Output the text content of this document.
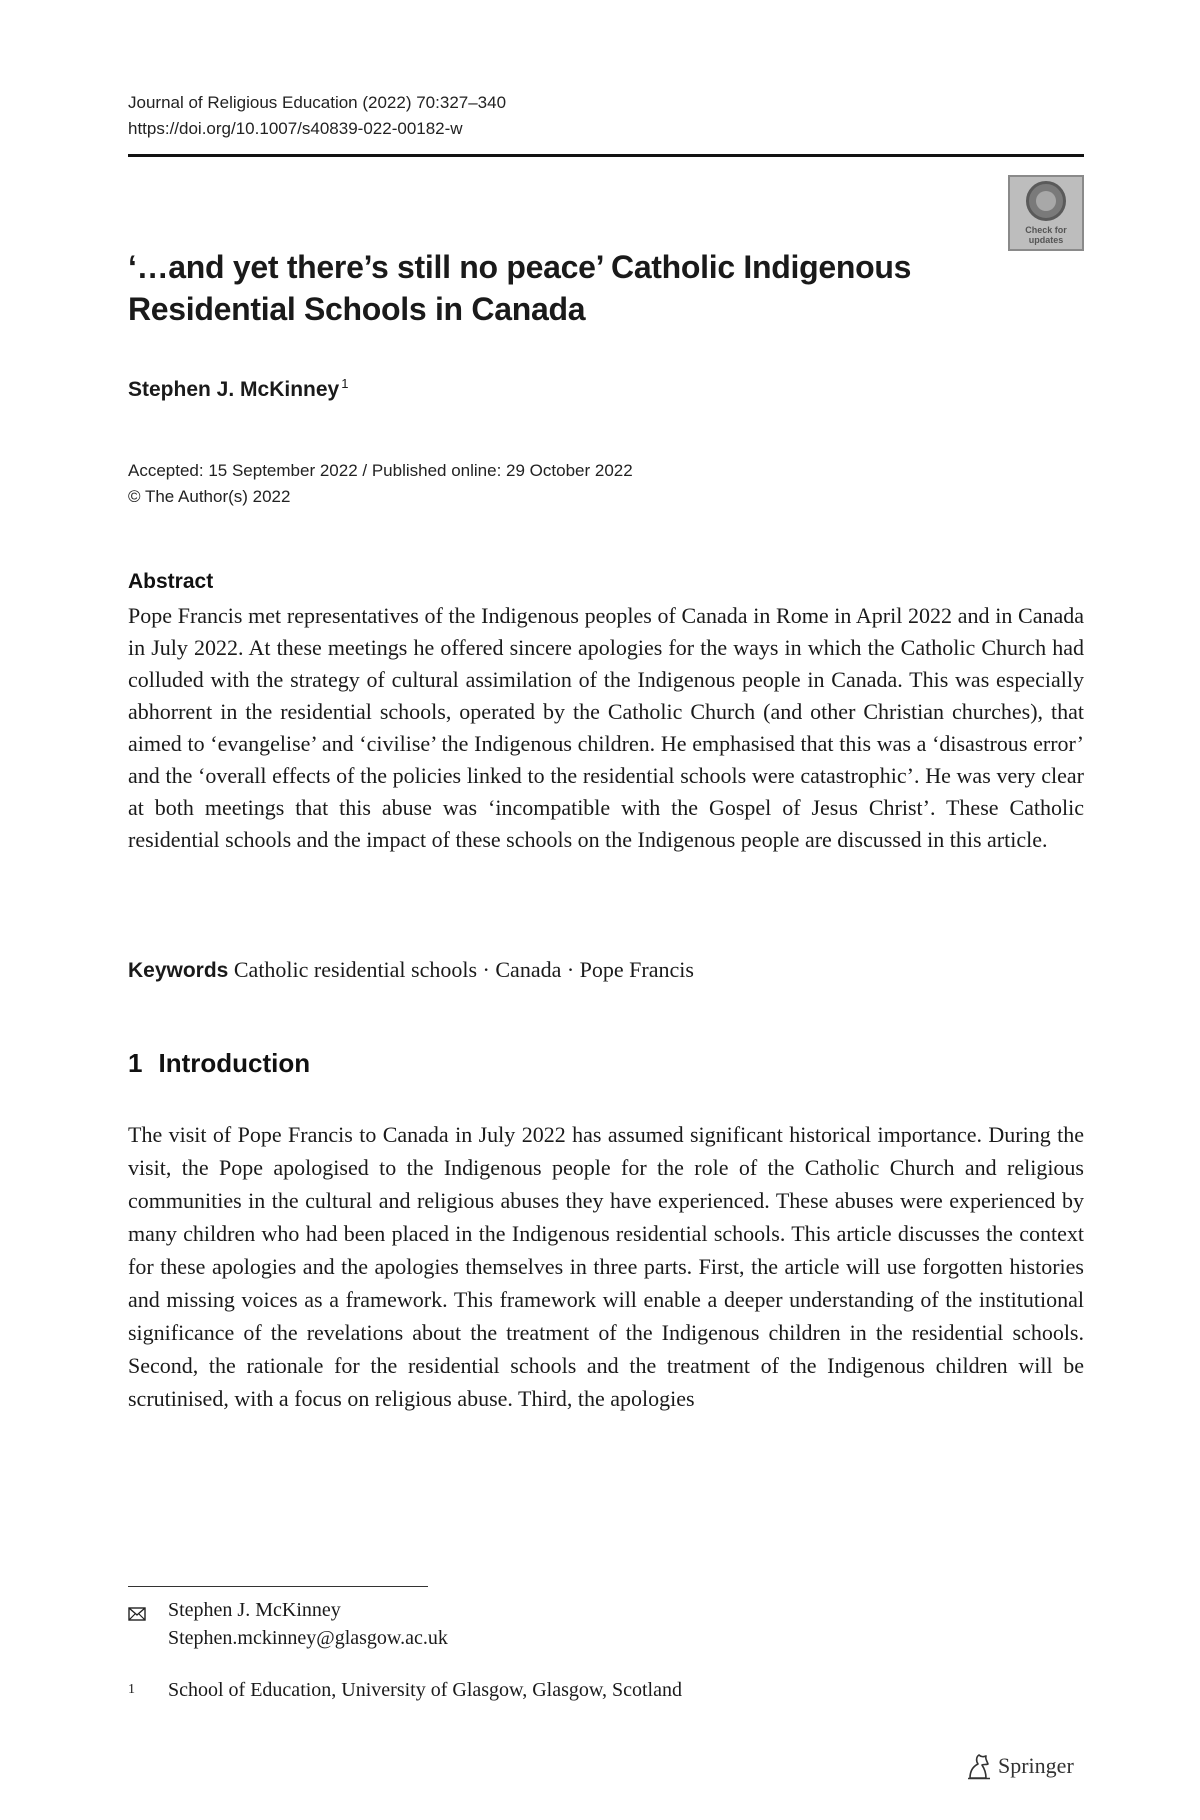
Journal of Religious Education (2022) 70:327–340
https://doi.org/10.1007/s40839-022-00182-w
Check for updates
‘…and yet there’s still no peace’ Catholic Indigenous Residential Schools in Canada
Stephen J. McKinney $^1$
Accepted: 15 September 2022 / Published online: 29 October 2022
© The Author(s) 2022
Abstract

Pope Francis met representatives of the Indigenous peoples of Canada in Rome in April 2022 and in Canada in July 2022. At these meetings he offered sincere apologies for the ways in which the Catholic Church had colluded with the strategy of cultural assimilation of the Indigenous people in Canada. This was especially abhorrent in the residential schools, operated by the Catholic Church (and other Christian churches), that aimed to ‘evangelise’ and ‘civilise’ the Indigenous children. He emphasised that this was a ‘disastrous error’ and the ‘overall effects of the policies linked to the residential schools were catastrophic’. He was very clear at both meetings that this abuse was ‘incompatible with the Gospel of Jesus Christ’. These Catholic residential schools and the impact of these schools on the Indigenous people are discussed in this article.

Keywords Catholic residential schools · Canada · Pope Francis
1 Introduction

The visit of Pope Francis to Canada in July 2022 has assumed significant historical importance. During the visit, the Pope apologised to the Indigenous people for the role of the Catholic Church and religious communities in the cultural and religious abuses they have experienced. These abuses were experienced by many children who had been placed in the Indigenous residential schools. This article discusses the context for these apologies and the apologies themselves in three parts. First, the article will use forgotten histories and missing voices as a framework. This framework will enable a deeper understanding of the institutional significance of the revelations about the treatment of the Indigenous children in the residential schools. Second, the rationale for the residential schools and the treatment of the Indigenous children will be scrutinised, with a focus on religious abuse. Third, the apologies

Stephen J. McKinney
Stephen.mckinney@glasgow.ac.uk
1	School of Education, University of Glasgow, Glasgow, Scotland
Springer
